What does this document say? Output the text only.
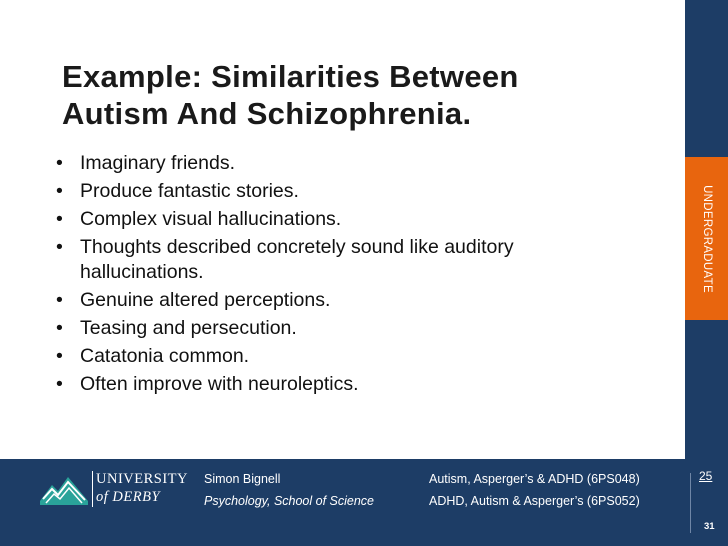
UNDERGRADUATE
Example: Similarities Between
Autism And Schizophrenia.
• Imaginary friends.
• Produce fantastic stories.
• Complex visual hallucinations.
• Thoughts described concretely sound like auditory
hallucinations.
• Genuine altered perceptions.
• Teasing and persecution.
• Catatonia common.
• Often improve with neuroleptics.
UNIVERSITY
of DERBY
Simon Bignell
Psychology, School of Science
Autism, Asperger’s & ADHD (6PS048)
ADHD, Autism & Asperger’s (6PS052)
25
31
